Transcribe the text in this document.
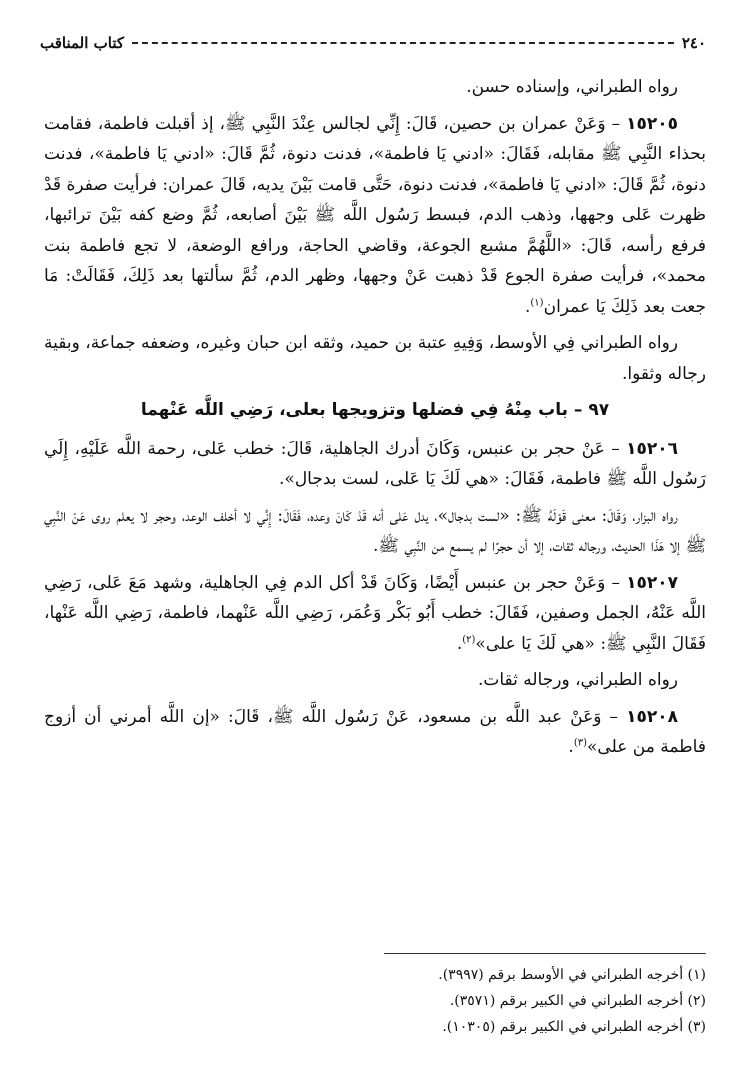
٢٤٠
كتاب المناقب

رواه الطبراني، وإسناده حسن.

١٥٢٠٥ – وَعَنْ عمران بن حصين، قَالَ: إِنِّي لجالس عِنْدَ النَّبِي ﷺ، إذ أقبلت فاطمة، فقامت بحذاء النَّبِي ﷺ مقابله، فَقَالَ: «ادني يَا فاطمة»، فدنت دنوة، ثُمَّ قَالَ: «ادني يَا فاطمة»، فدنت دنوة، ثُمَّ قَالَ: «ادني يَا فاطمة»، فدنت دنوة، حَتَّى قامت بَيْنَ يديه، قَالَ عمران: فرأيت صفرة قَدْ ظهرت عَلى وجهها، وذهب الدم، فبسط رَسُول اللَّه ﷺ بَيْنَ أصابعه، ثُمَّ وضع كفه بَيْنَ ترائبها، فرفع رأسه، قَالَ: «اللَّهُمَّ مشبع الجوعة، وقاضي الحاجة، ورافع الوضعة، لا تجع فاطمة بنت محمد»، فرأيت صفرة الجوع قَدْ ذهبت عَنْ وجهها، وظهر الدم، ثُمَّ سألتها بعد ذَلِكَ، فَقَالَتْ: مَا جعت بعد ذَلِكَ يَا عمران$^{(١)}$.

رواه الطبراني فِي الأوسط، وَفِيهِ عتبة بن حميد، وثقه ابن حبان وغيره، وضعفه جماعة، وبقية رجاله وثقوا.

٩٧ – باب مِنْهُ فِي فضلها وتزويجها بعلى، رَضِي اللَّه عَنْهما

١٥٢٠٦ – عَنْ حجر بن عنبس، وَكَانَ أدرك الجاهلية، قَالَ: خطب عَلى، رحمة اللَّه عَلَيْهِ، إِلَي رَسُول اللَّه ﷺ فاطمة، فَقَالَ: «هي لَكَ يَا عَلى، لست بدجال».

رواه البزار، وَقَالَ: معنى قَوْلَهُ ﷺ: «لست بدجال»، يدل عَلى أنه قَدْ كَانَ وعده، فَقَالَ: إِنِّي لا أخلف الوعد، وحجر لا يعلم روى عَنْ النَّبِي ﷺ إلا هَذَا الحديث، ورجاله ثقات، إلا أن حجرًا لم يسمع من النَّبِي ﷺ.

١٥٢٠٧ – وَعَنْ حجر بن عنبس أَيْضًا، وَكَانَ قَدْ أكل الدم فِي الجاهلية، وشهد مَعَ عَلى، رَضِي اللَّه عَنْهُ، الجمل وصفين، فَقَالَ: خطب أَبُو بَكْر وَعُمَر، رَضِي اللَّه عَنْهما، فاطمة، رَضِي اللَّه عَنْها، فَقَالَ النَّبِي ﷺ: «هي لَكَ يَا على»$^{(٢)}$.

رواه الطبراني، ورجاله ثقات.

١٥٢٠٨ – وَعَنْ عبد اللَّه بن مسعود، عَنْ رَسُول اللَّه ﷺ، قَالَ: «إن اللَّه أمرني أن أزوج فاطمة من على»$^{(٣)}$.

(١) أخرجه الطبراني في الأوسط برقم (٣٩٩٧).
(٢) أخرجه الطبراني في الكبير برقم (٣٥٧١).
(٣) أخرجه الطبراني في الكبير برقم (١٠٣٠٥).
